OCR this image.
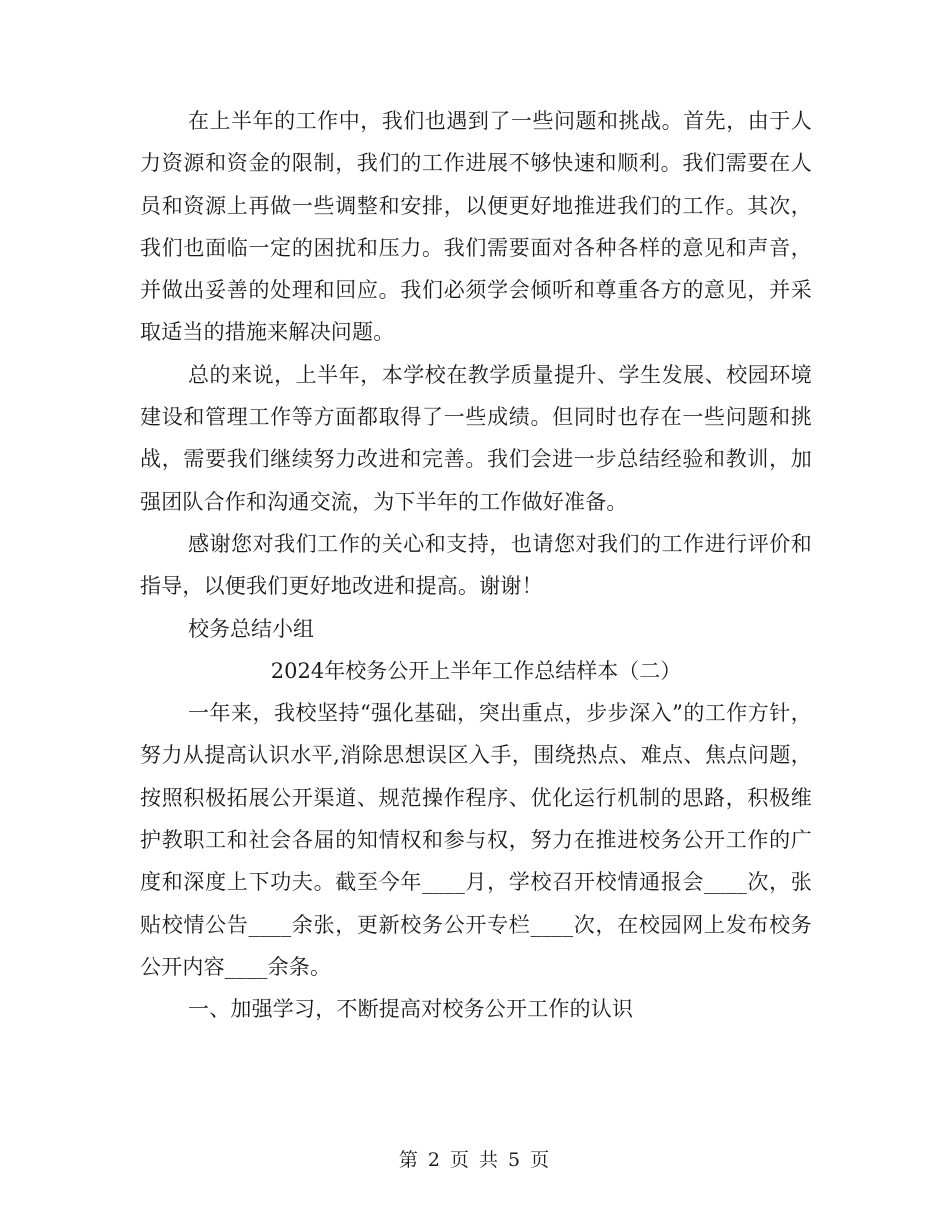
在上半年的工作中，我们也遇到了一些问题和挑战。首先，由于人力资源和资金的限制，我们的工作进展不够快速和顺利。我们需要在人员和资源上再做一些调整和安排，以便更好地推进我们的工作。其次，我们也面临一定的困扰和压力。我们需要面对各种各样的意见和声音，并做出妥善的处理和回应。我们必须学会倾听和尊重各方的意见，并采取适当的措施来解决问题。

总的来说，上半年，本学校在教学质量提升、学生发展、校园环境建设和管理工作等方面都取得了一些成绩。但同时也存在一些问题和挑战，需要我们继续努力改进和完善。我们会进一步总结经验和教训，加强团队合作和沟通交流，为下半年的工作做好准备。

感谢您对我们工作的关心和支持，也请您对我们的工作进行评价和指导，以便我们更好地改进和提高。谢谢！

校务总结小组

2024年校务公开上半年工作总结样本（二）

一年来，我校坚持“强化基础，突出重点，步步深入”的工作方针，努力从提高认识水平,消除思想误区入手，围绕热点、难点、焦点问题，按照积极拓展公开渠道、规范操作程序、优化运行机制的思路，积极维护教职工和社会各届的知情权和参与权，努力在推进校务公开工作的广度和深度上下功夫。截至今年____月，学校召开校情通报会____次，张贴校情公告____余张，更新校务公开专栏____次，在校园网上发布校务公开内容____余条。

一、加强学习，不断提高对校务公开工作的认识

第 2 页 共 5 页
